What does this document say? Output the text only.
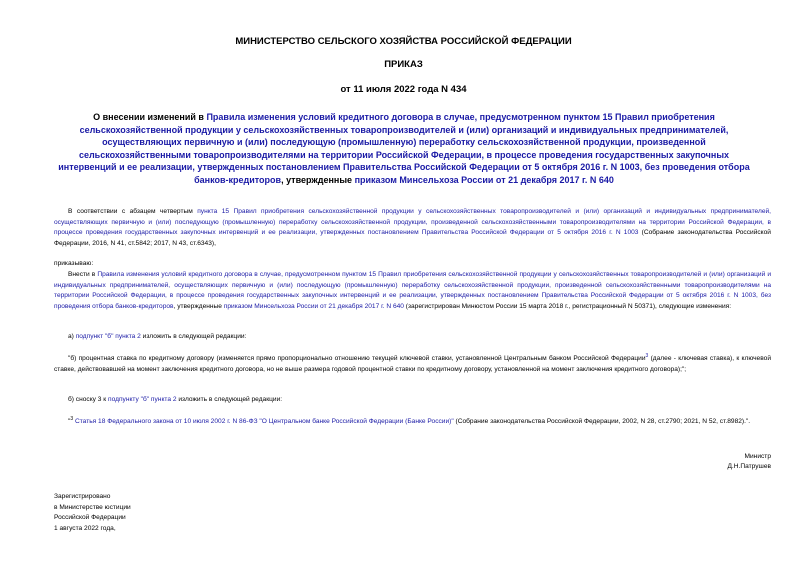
МИНИСТЕРСТВО СЕЛЬСКОГО ХОЗЯЙСТВА РОССИЙСКОЙ ФЕДЕРАЦИИ
ПРИКАЗ
от 11 июля 2022 года N 434
О внесении изменений в Правила изменения условий кредитного договора в случае, предусмотренном пунктом 15 Правил приобретения сельскохозяйственной продукции у сельскохозяйственных товаропроизводителей и (или) организаций и индивидуальных предпринимателей, осуществляющих первичную и (или) последующую (промышленную) переработку сельскохозяйственной продукции, произведенной сельскохозяйственными товаропроизводителями на территории Российской Федерации, в процессе проведения государственных закупочных интервенций и ее реализации, утвержденных постановлением Правительства Российской Федерации от 5 октября 2016 г. N 1003, без проведения отбора банков-кредиторов, утвержденные приказом Минсельхоза России от 21 декабря 2017 г. N 640
В соответствии с абзацем четвертым пункта 15 Правил приобретения сельскохозяйственной продукции у сельскохозяйственных товаропроизводителей и (или) организаций и индивидуальных предпринимателей, осуществляющих первичную и (или) последующую (промышленную) переработку сельскохозяйственной продукции, произведенной сельскохозяйственными товаропроизводителями на территории Российской Федерации, в процессе проведения государственных закупочных интервенций и ее реализации, утвержденных постановлением Правительства Российской Федерации от 5 октября 2016 г. N 1003 (Собрание законодательства Российской Федерации, 2016, N 41, ст.5842; 2017, N 43, ст.6343),
приказываю:
Внести в Правила изменения условий кредитного договора в случае, предусмотренном пунктом 15 Правил приобретения сельскохозяйственной продукции у сельскохозяйственных товаропроизводителей и (или) организаций и индивидуальных предпринимателей, осуществляющих первичную и (или) последующую (промышленную) переработку сельскохозяйственной продукции, произведенной сельскохозяйственными товаропроизводителями на территории Российской Федерации, в процессе проведения государственных закупочных интервенций и ее реализации, утвержденных постановлением Правительства Российской Федерации от 5 октября 2016 г. N 1003, без проведения отбора банков-кредиторов, утвержденные приказом Минсельхоза России от 21 декабря 2017 г. N 640 (зарегистрирован Минюстом России 15 марта 2018 г., регистрационный N 50371), следующие изменения:
а) подпункт "б" пункта 2 изложить в следующей редакции:
"б) процентная ставка по кредитному договору (изменяется прямо пропорционально отношению текущей ключевой ставки, установленной Центральным банком Российской Федерации$^3$ (далее - ключевая ставка), к ключевой ставке, действовавшей на момент заключения кредитного договора, но не выше размера годовой процентной ставки по кредитному договору, установленной на момент заключения кредитного договора);";
б) сноску 3 к подпункту "б" пункта 2 изложить в следующей редакции:
"$^3$ Статья 18 Федерального закона от 10 июля 2002 г. N 86-ФЗ "О Центральном банке Российской Федерации (Банке России)" (Собрание законодательства Российской Федерации, 2002, N 28, ст.2790; 2021, N 52, ст.8982).".
Министр
Д.Н.Патрушев
Зарегистрировано
в Министерстве юстиции
Российской Федерации
1 августа 2022 года,
